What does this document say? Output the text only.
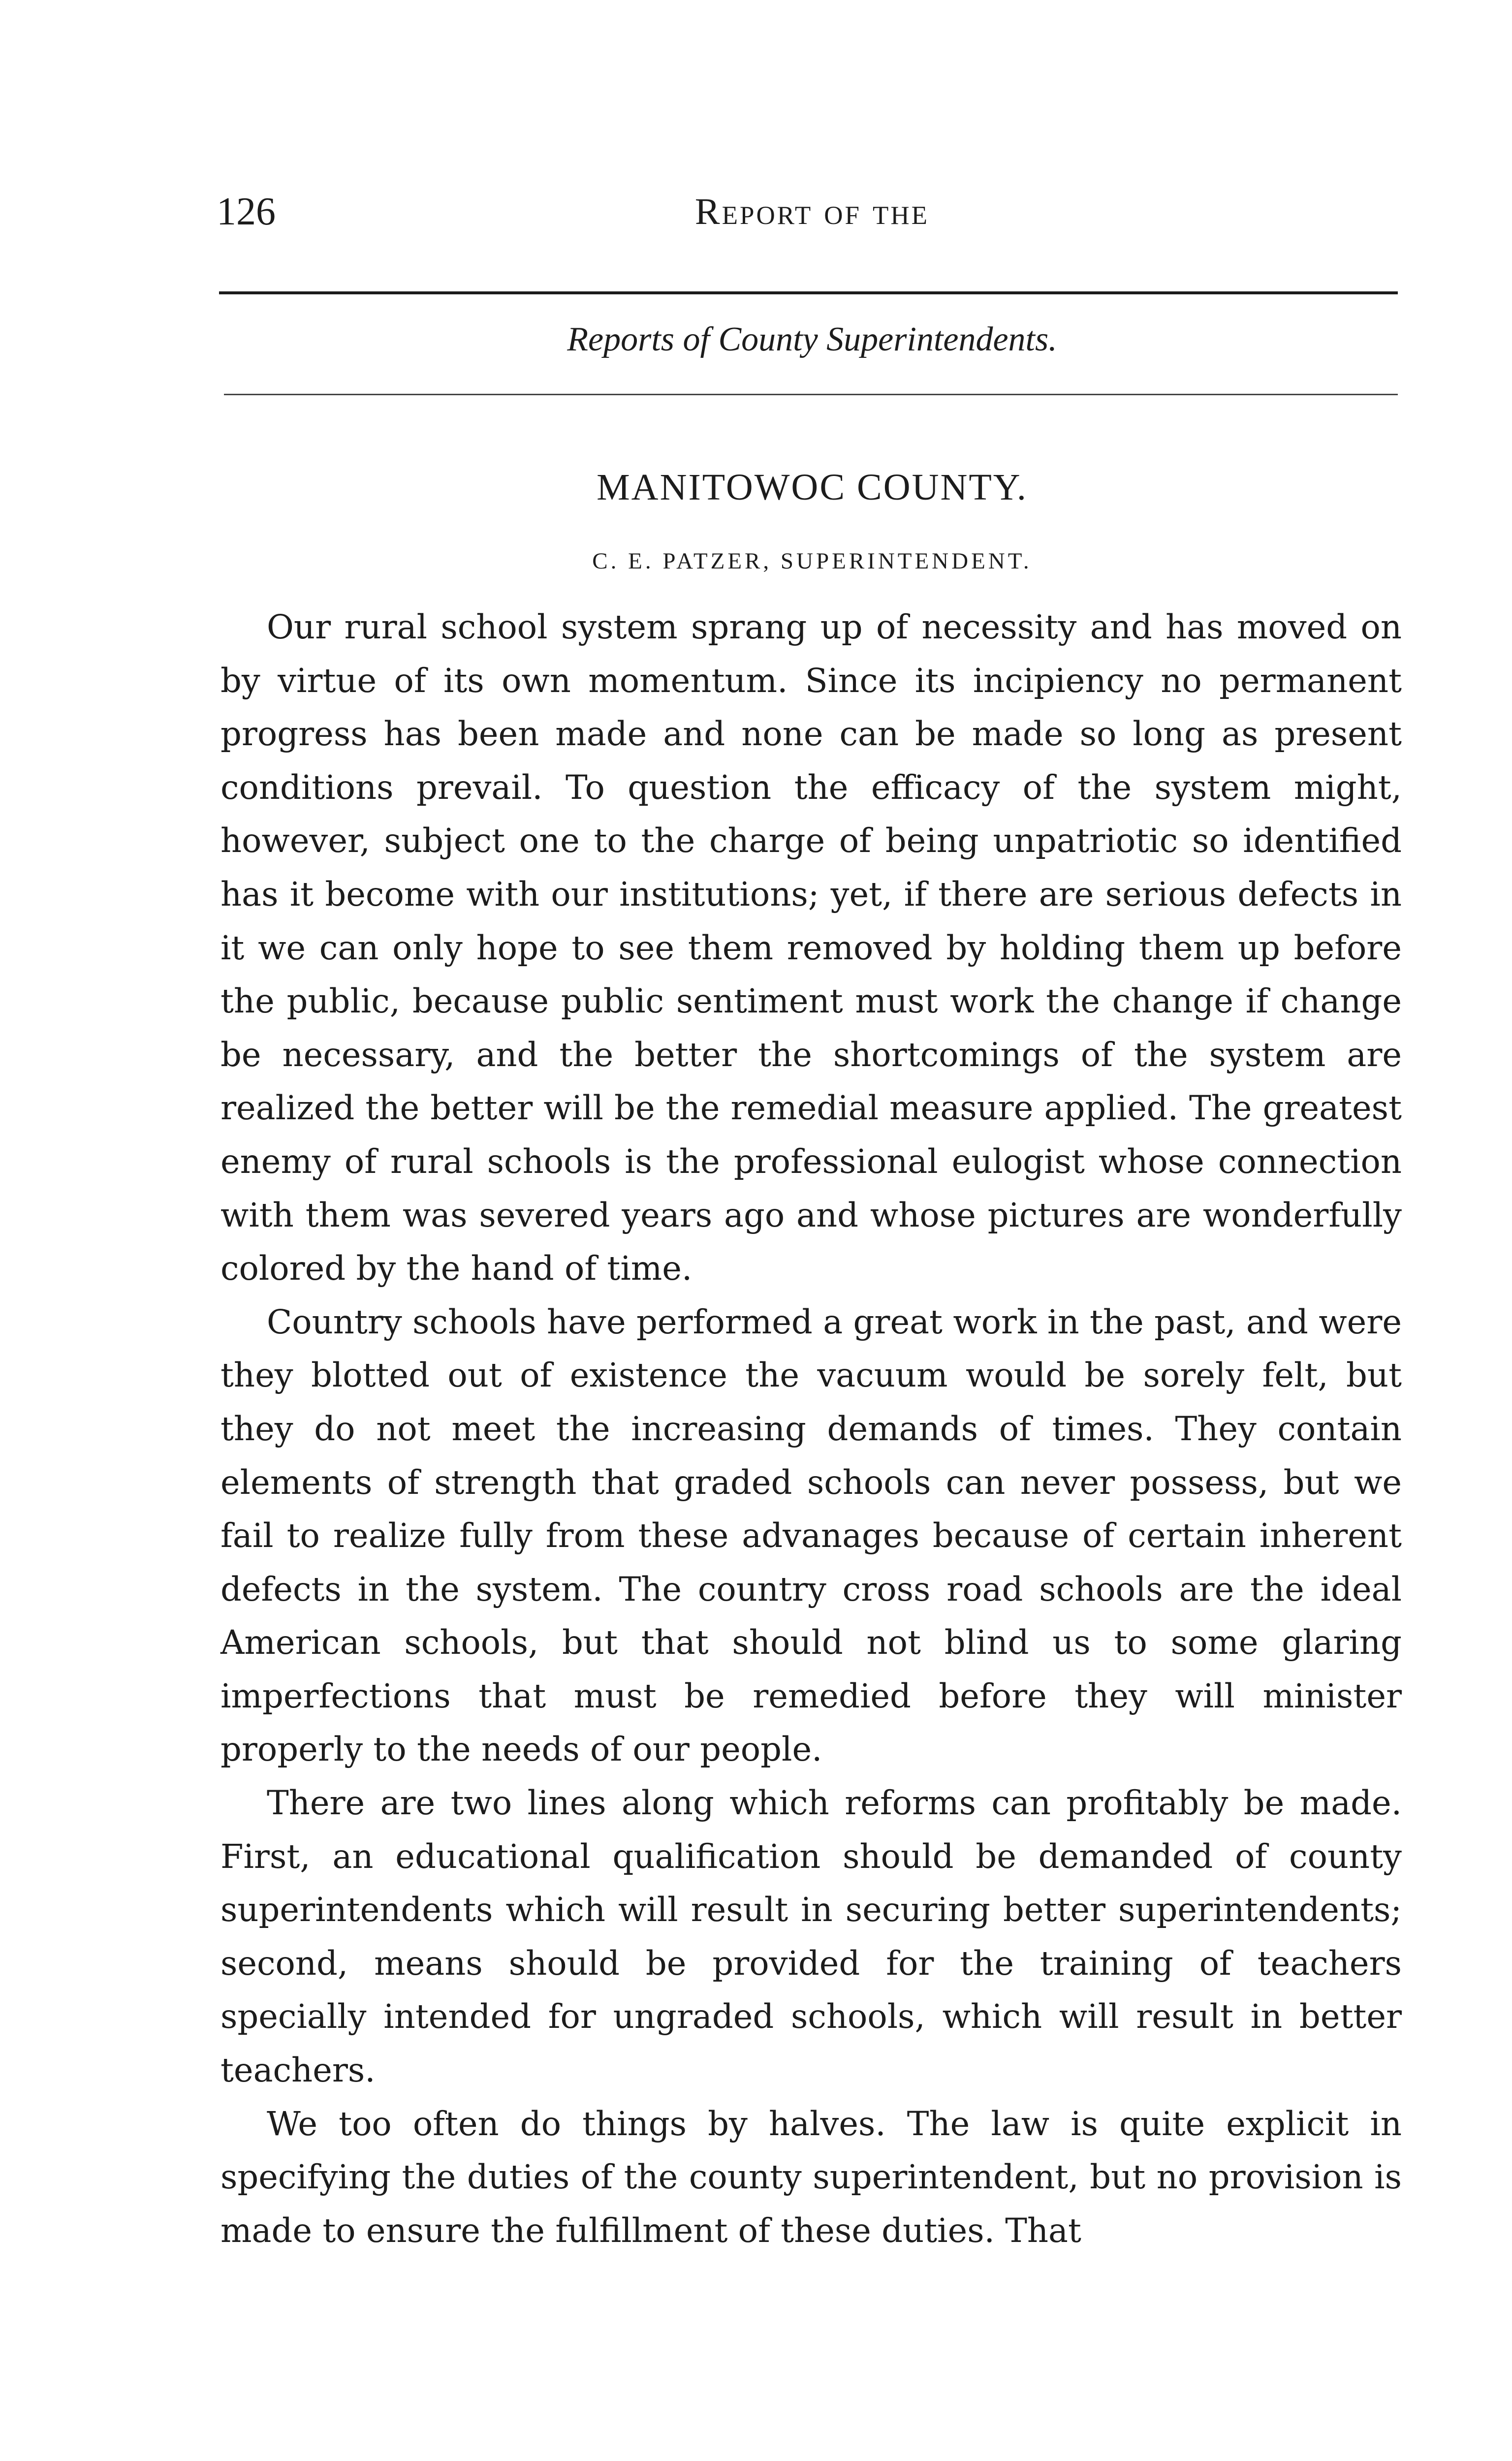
126	Report of the
Reports of County Superintendents.
MANITOWOC COUNTY.
C. E. PATZER, SUPERINTENDENT.

Our rural school system sprang up of necessity and has moved on by virtue of its own momentum. Since its incipiency no permanent progress has been made and none can be made so long as present conditions prevail. To question the efficacy of the system might, however, subject one to the charge of being unpatriotic so identified has it become with our institutions; yet, if there are serious defects in it we can only hope to see them removed by holding them up before the public, because public sentiment must work the change if change be necessary, and the better the shortcomings of the system are realized the better will be the remedial measure applied. The greatest enemy of rural schools is the professional eulogist whose connection with them was severed years ago and whose pictures are wonderfully colored by the hand of time.

Country schools have performed a great work in the past, and were they blotted out of existence the vacuum would be sorely felt, but they do not meet the increasing demands of times. They contain elements of strength that graded schools can never possess, but we fail to realize fully from these advanages because of certain inherent defects in the system. The country cross road schools are the ideal American schools, but that should not blind us to some glaring imperfections that must be remedied before they will minister properly to the needs of our people.

There are two lines along which reforms can profitably be made. First, an educational qualification should be demanded of county superintendents which will result in securing better superintendents; second, means should be provided for the training of teachers specially intended for ungraded schools, which will result in better teachers.

We too often do things by halves. The law is quite explicit in specifying the duties of the county superintendent, but no provision is made to ensure the fulfillment of these duties. That
